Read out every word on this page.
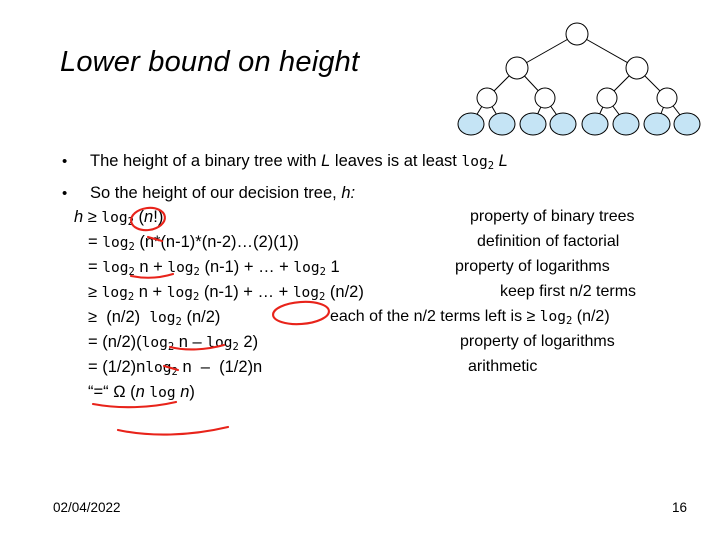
Lower bound on height
• The height of a binary tree with L leaves is at least $\log_2 L$
• So the height of our decision tree, h:
$h \ge \log_2 (n!)$	property of binary trees
= $\log_2$ (n*(n-1)*(n-2)…(2)(1))	definition of factorial
= $\log_2 n + \log_2 (n-1)$ + … + $\log_2 1$	property of logarithms
≥ $\log_2 n + \log_2 (n-1)$ + … + $\log_2 (n/2)$	keep first n/2 terms
≥  (n/2)  $\log_2 (n/2)$	each of the n/2 terms left is ≥ $\log_2 (n/2)$
= $(n/2)(\log_2$ n – $\log_2 2$)	property of logarithms
= (1/2)nlog$_2$ n  –  (1/2)n	arithmetic
“=“ Ω (n log n)
02/04/2022	16
